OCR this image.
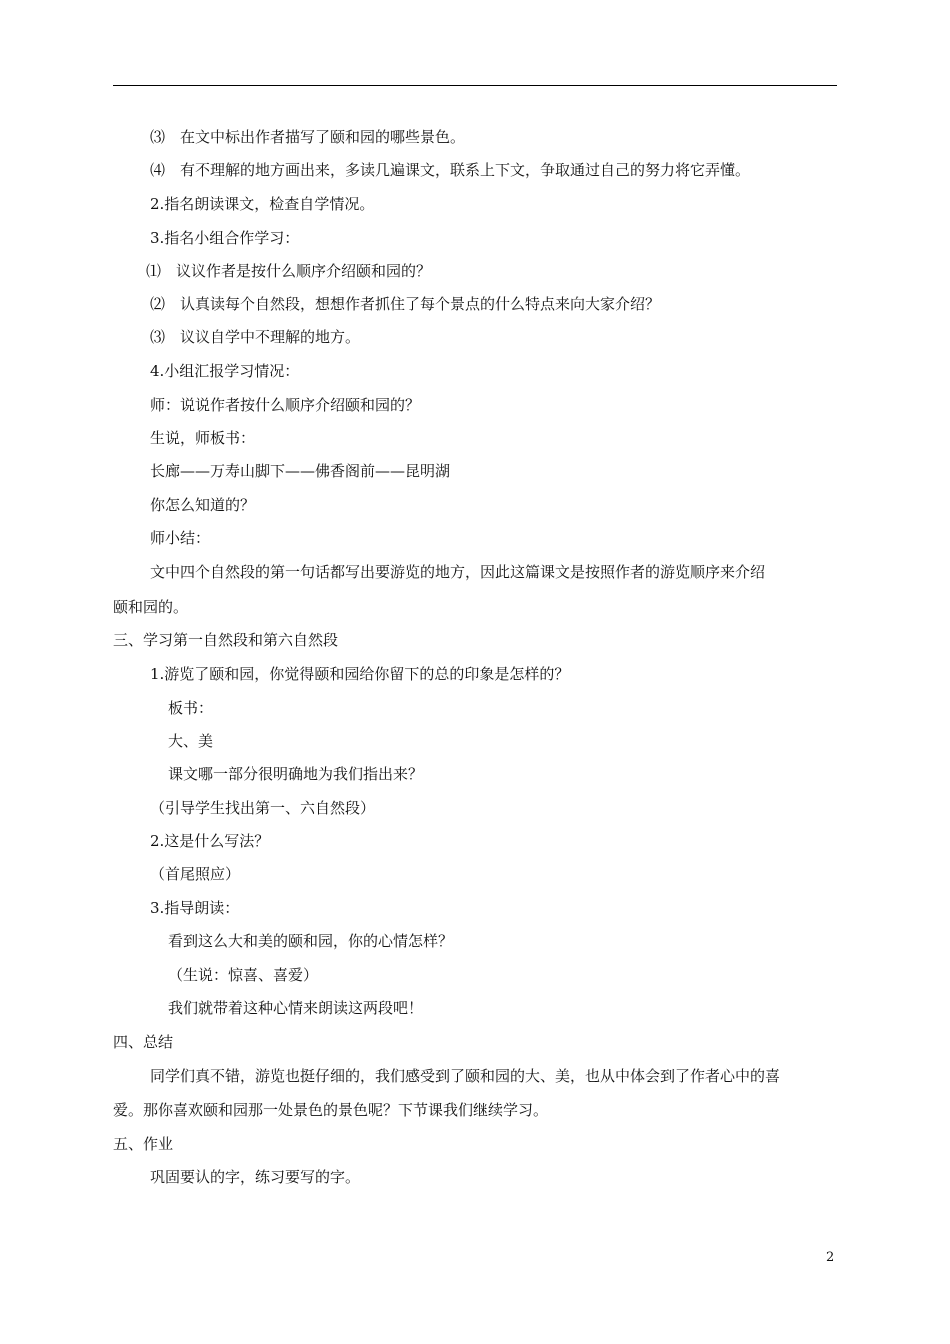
⑶　在文中标出作者描写了颐和园的哪些景色。
⑷　有不理解的地方画出来，多读几遍课文，联系上下文，争取通过自己的努力将它弄懂。
2.指名朗读课文，检查自学情况。
3.指名小组合作学习：
⑴　议议作者是按什么顺序介绍颐和园的？
⑵　认真读每个自然段，想想作者抓住了每个景点的什么特点来向大家介绍？
⑶　议议自学中不理解的地方。
4.小组汇报学习情况：
师：说说作者按什么顺序介绍颐和园的？
生说，师板书：
长廊——万寿山脚下——佛香阁前——昆明湖
你怎么知道的？
师小结：
文中四个自然段的第一句话都写出要游览的地方，因此这篇课文是按照作者的游览顺序来介绍
颐和园的。
三、学习第一自然段和第六自然段
1.游览了颐和园，你觉得颐和园给你留下的总的印象是怎样的？
板书：
大、美
课文哪一部分很明确地为我们指出来？
（引导学生找出第一、六自然段）
2.这是什么写法？
（首尾照应）
3.指导朗读：
看到这么大和美的颐和园，你的心情怎样？
（生说：惊喜、喜爱）
我们就带着这种心情来朗读这两段吧！
四、总结
同学们真不错，游览也挺仔细的，我们感受到了颐和园的大、美，也从中体会到了作者心中的喜
爱。那你喜欢颐和园那一处景色的景色呢？下节课我们继续学习。
五、作业
巩固要认的字，练习要写的字。
2
